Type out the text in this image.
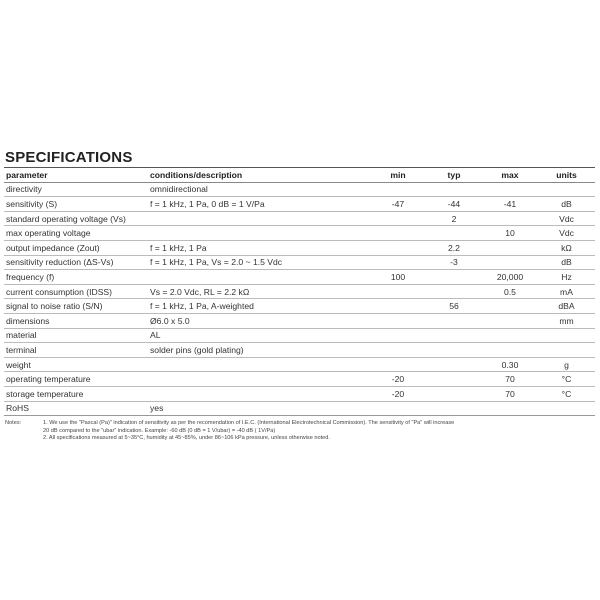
SPECIFICATIONS
parameter	conditions/description	min	typ	max	units
directivity	omnidirectional				
sensitivity (S)	f = 1 kHz, 1 Pa, 0 dB = 1 V/Pa	-47	-44	-41	dB
standard operating voltage (Vs)			2		Vdc
max operating voltage				10	Vdc
output impedance (Zout)	f = 1 kHz, 1 Pa		2.2		kΩ
sensitivity reduction (ΔS-Vs)	f = 1 kHz, 1 Pa, Vs = 2.0 ~ 1.5 Vdc		-3		dB
frequency (f)		100		20,000	Hz
current consumption (IDSS)	Vs = 2.0 Vdc, RL = 2.2 kΩ			0.5	mA
signal to noise ratio (S/N)	f = 1 kHz, 1 Pa, A-weighted		56		dBA
dimensions	Ø6.0 x 5.0				mm
material	AL				
terminal	solder pins (gold plating)				
weight				0.30	g
operating temperature		-20		70	°C
storage temperature		-20		70	°C
RoHS	yes				
Notes:	1. We use the "Pascal (Pa)" indication of sensitivity as per the recomendation of I.E.C. (International Electrotechnical Commission). The sensitivity of "Pa" will increase
20 dB compared to the "ubar" indication. Example: -60 dB (0 dB = 1 V/ubar) = -40 dB ( 1V/Pa)
2. All specifications measured at 5~35°C, humidity at 45~85%, under 86~106 kPa pressure, unless otherwise noted.
